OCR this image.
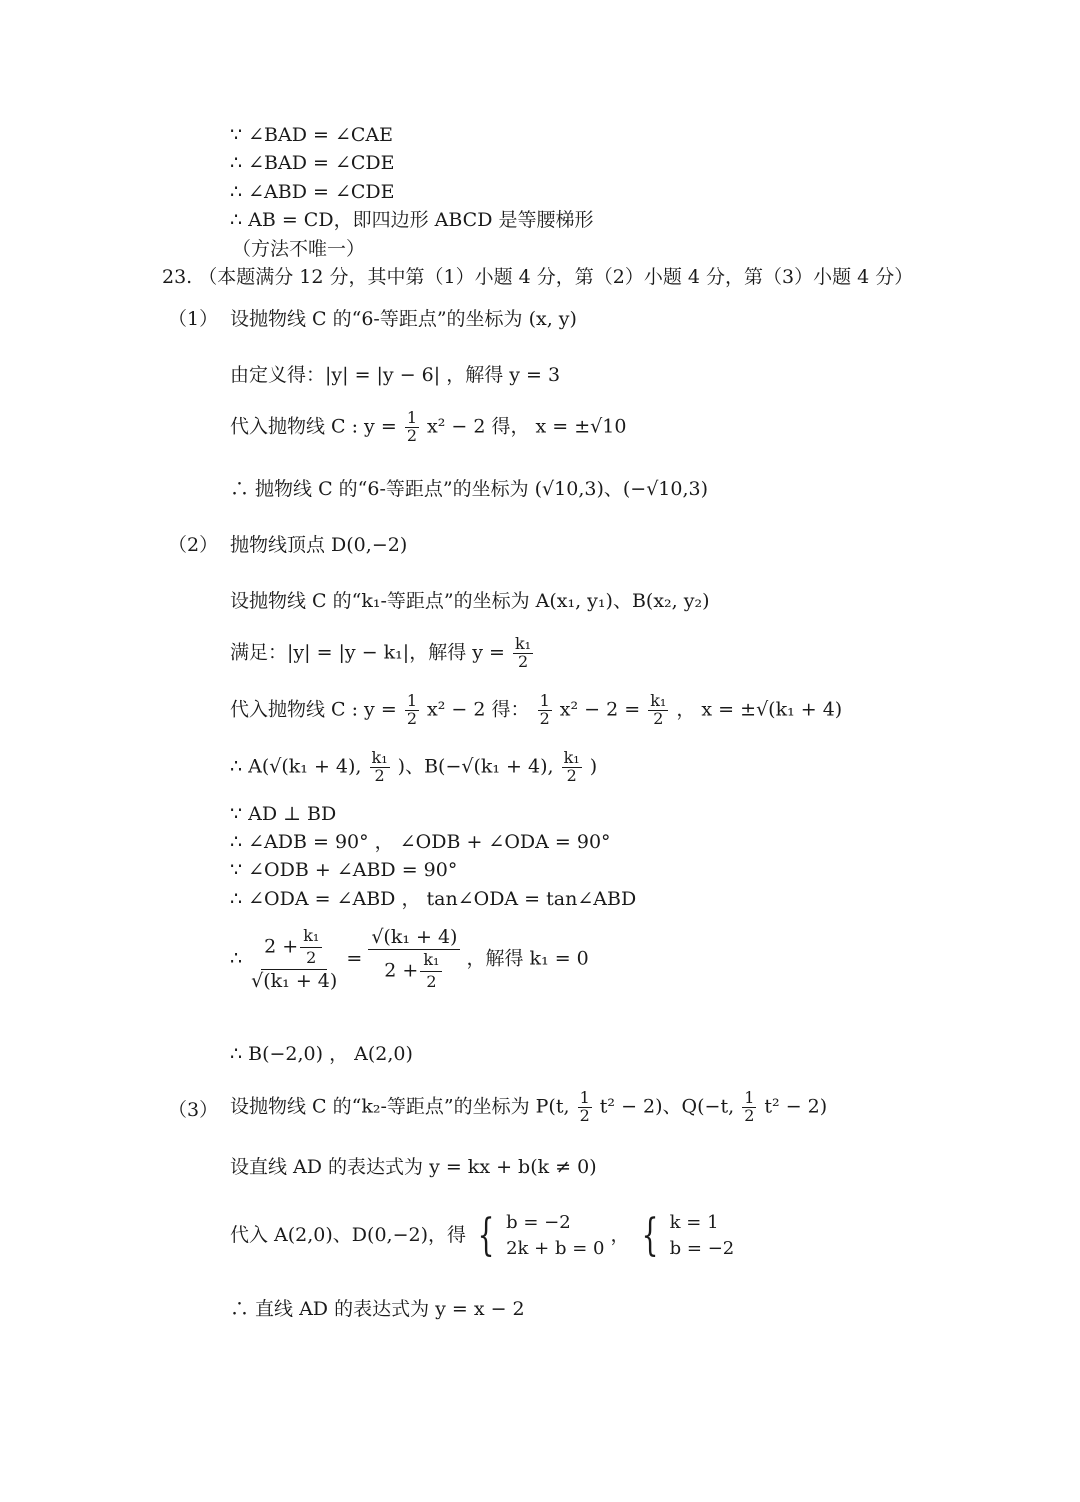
∵ ∠BAD = ∠CAE
∴ ∠BAD = ∠CDE
∴ ∠ABD = ∠CDE
∴ AB = CD，即四边形 ABCD 是等腰梯形
（方法不唯一）
23. （本题满分 12 分，其中第（1）小题 4 分，第（2）小题 4 分，第（3）小题 4 分）
（1） 设抛物线 C 的“6-等距点”的坐标为 (x, y)
由定义得：|y| = |y − 6| ，解得 y = 3
代入抛物线 C : $y = \frac{1}{2} x^2 - 2$ 得， x = ±√10
∴ 抛物线 C 的“6-等距点”的坐标为 (√10,3)、(−√10,3)
（2） 抛物线顶点 D(0,−2)
设抛物线 C 的“k₁-等距点”的坐标为 A(x₁, y₁)、B(x₂, y₂)
满足：|y| = |y − k₁|，解得 $y = \frac{\text{k₁}}{2}$
代入抛物线 C : $y = \frac{1}{2} x^2 - 2$ 得： $\frac{1}{2} x^2 - 2 = \frac{\text{k₁}}{2}$ ， x = ±√(k₁ + 4)
∴ A(√(k₁ + 4), $\frac{\text{k₁}}{2}$ )、B(−√(k₁ + 4), $\frac{\text{k₁}}{2}$ )
∵ AD ⊥ BD
∴ ∠ADB = 90° ， ∠ODB + ∠ODA = 90°
∵ ∠ODB + ∠ABD = 90°
∴ ∠ODA = ∠ABD ， tan∠ODA = tan∠ABD
∴ $\frac{2 + \frac{\text{k₁}}{2}}{\text{√(k₁ + 4)}} = \frac{\text{√(k₁ + 4)}}{2 + \frac{\text{k₁}}{2}}$ ，解得 k₁ = 0
∴ B(−2,0) ， A(2,0)
（3） 设抛物线 C 的“k₂-等距点”的坐标为 P(t, $\frac{1}{2} t^2 - 2$)、Q(−t, $\frac{1}{2} t^2 - 2$)
设直线 AD 的表达式为 y = kx + b(k ≠ 0)
代入 A(2,0)、D(0,−2)，得 { b = −2
2k + b = 0
， { k = 1
b = −2
∴ 直线 AD 的表达式为 y = x − 2
